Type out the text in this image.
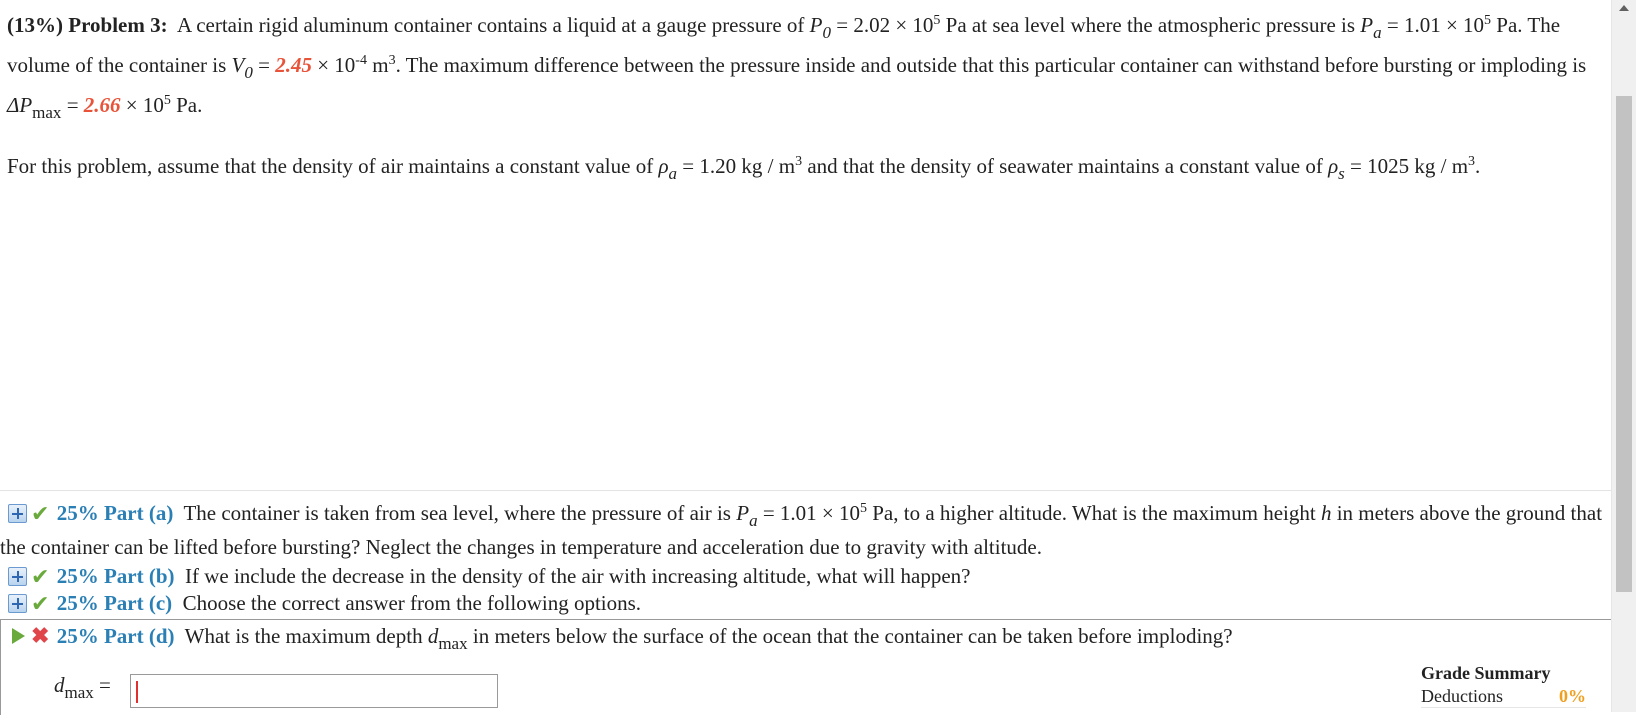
(13%) Problem 3: A certain rigid aluminum container contains a liquid at a gauge pressure of $P_0 = 2.02 \times 10^5$ Pa at sea level where the atmospheric pressure is $P_a = 1.01 \times 10^5$ Pa. The volume of the container is $V_0 = 2.45 \times 10^{-4}$ $m^3$. The maximum difference between the pressure inside and outside that this particular container can withstand before bursting or imploding is $\Delta P_{max} = 2.66 \times 10^5$ Pa.
For this problem, assume that the density of air maintains a constant value of $\rho_a = 1.20$ kg / $m^3$ and that the density of seawater maintains a constant value of $\rho_s = 1025$ kg / $m^3$.
✔ 25% Part (a) The container is taken from sea level, where the pressure of air is $P_a = 1.01 \times 10^5$ Pa, to a higher altitude. What is the maximum height h in meters above the ground that the container can be lifted before bursting? Neglect the changes in temperature and acceleration due to gravity with altitude.
✔ 25% Part (b) If we include the decrease in the density of the air with increasing altitude, what will happen?
✔ 25% Part (c) Choose the correct answer from the following options.
✖ 25% Part (d) What is the maximum depth $d_{max}$ in meters below the surface of the ocean that the container can be taken before imploding?
$d_{max}$ =	Grade Summary
Deductions	0%
